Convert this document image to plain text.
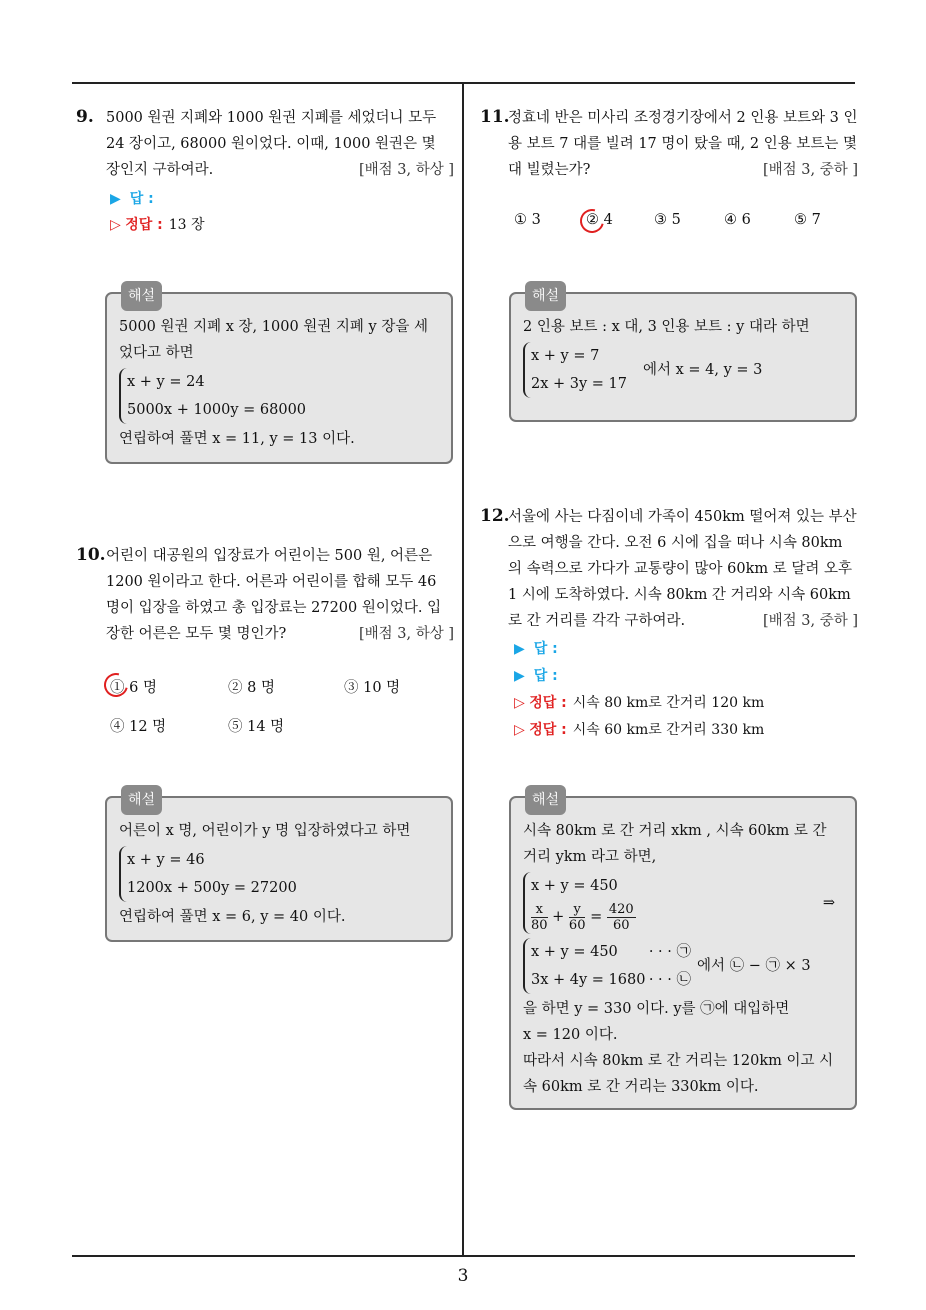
3
9. 5000 원권 지폐와 1000 원권 지폐를 세었더니 모두 24 장이고, 68000 원이었다. 이때, 1000 원권은 몇 장인지 구하여라.	[배점 3, 하상 ]
▶ 답 :
▷ 정답 : 13 장
해설
5000 원권 지폐 x 장, 1000 원권 지폐 y 장을 세었다고 하면
x + y = 24
5000x + 1000y = 68000
연립하여 풀면 x = 11, y = 13 이다.
10. 어린이 대공원의 입장료가 어린이는 500 원, 어른은 1200 원이라고 한다. 어른과 어린이를 합해 모두 46 명이 입장을 하였고 총 입장료는 27200 원이었다. 입장한 어른은 모두 몇 명인가?	[배점 3, 하상 ]
① 6 명	② 8 명	③ 10 명
④ 12 명	⑤ 14 명
해설
어른이 x 명, 어린이가 y 명 입장하였다고 하면
x + y = 46
1200x + 500y = 27200
연립하여 풀면 x = 6, y = 40 이다.
11.
정효네 반은 미사리 조정경기장에서 2 인용 보트와 3 인용 보트 7 대를 빌려 17 명이 탔을 때, 2 인용 보트는 몇 대 빌렸는가?	[배점 3, 중하 ]
① 3	② 4	③ 5	④ 6	⑤ 7
해설
2 인용 보트 : x 대, 3 인용 보트 : y 대라 하면
x + y = 7
2x + 3y = 17
에서 x = 4, y = 3
12.
서울에 사는 다짐이네 가족이 450km 떨어져 있는 부산으로 여행을 간다. 오전 6 시에 집을 떠나 시속 80km 의 속력으로 가다가 교통량이 많아 60km 로 달려 오후 1 시에 도착하였다. 시속 80km 간 거리와 시속 60km 로 간 거리를 각각 구하여라.	[배점 3, 중하 ]
▶ 답 :
▶ 답 :
▷ 정답 : 시속 80 km로 간거리 120 km
▷ 정답 : 시속 60 km로 간거리 330 km
해설
시속 80km 로 간 거리 xkm , 시속 60km 로 간 거리 ykm 라고 하면,
x + y = 450
$\frac{x}{80} + \frac{y}{60} = \frac{420}{60}$	⇒
x + y = 450 · · · ㉠
3x + 4y = 1680 · · · ㉡
에서 ㉡ − ㉠ × 3
을 하면 y = 330 이다. y를 ㉠에 대입하면
x = 120 이다.
따라서 시속 80km 로 간 거리는 120km 이고 시속 60km 로 간 거리는 330km 이다.
